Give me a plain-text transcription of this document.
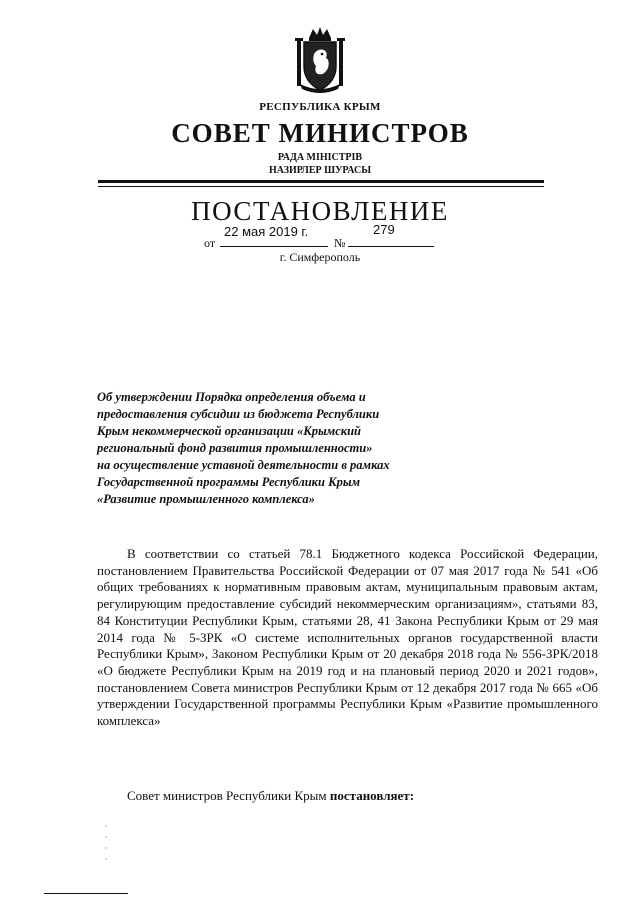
РЕСПУБЛИКА КРЫМ
СОВЕТ МИНИСТРОВ
РАДА МІНІСТРІВ
НАЗИРЛЕР ШУРАСЫ
ПОСТАНОВЛЕНИЕ
от
22 мая 2019 г.
№
279
г. Симферополь
Об утверждении Порядка определения объема и
предоставления субсидии из бюджета Республики
Крым некоммерческой организации «Крымский
региональный фонд развития промышленности»
на осуществление уставной деятельности в рамках
Государственной программы Республики Крым
«Развитие промышленного комплекса»
В соответствии со статьей 78.1 Бюджетного кодекса Российской Федерации, постановлением Правительства Российской Федерации от 07 мая 2017 года № 541 «Об общих требованиях к нормативным правовым актам, муниципальным правовым актам, регулирующим предоставление субсидий некоммерческим организациям», статьями 83, 84 Конституции Республики Крым, статьями 28, 41 Закона Республики Крым от 29 мая 2014 года № 5-ЗРК «О системе исполнительных органов государственной власти Республики Крым», Законом Республики Крым от 20 декабря 2018 года № 556-ЗРК/2018 «О бюджете Республики Крым на 2019 год и на плановый период 2020 и 2021 годов», постановлением Совета министров Республики Крым от 12 декабря 2017 года № 665 «Об утверждении Государственной программы Республики Крым «Развитие промышленного комплекса»
Совет министров Республики Крым постановляет:
